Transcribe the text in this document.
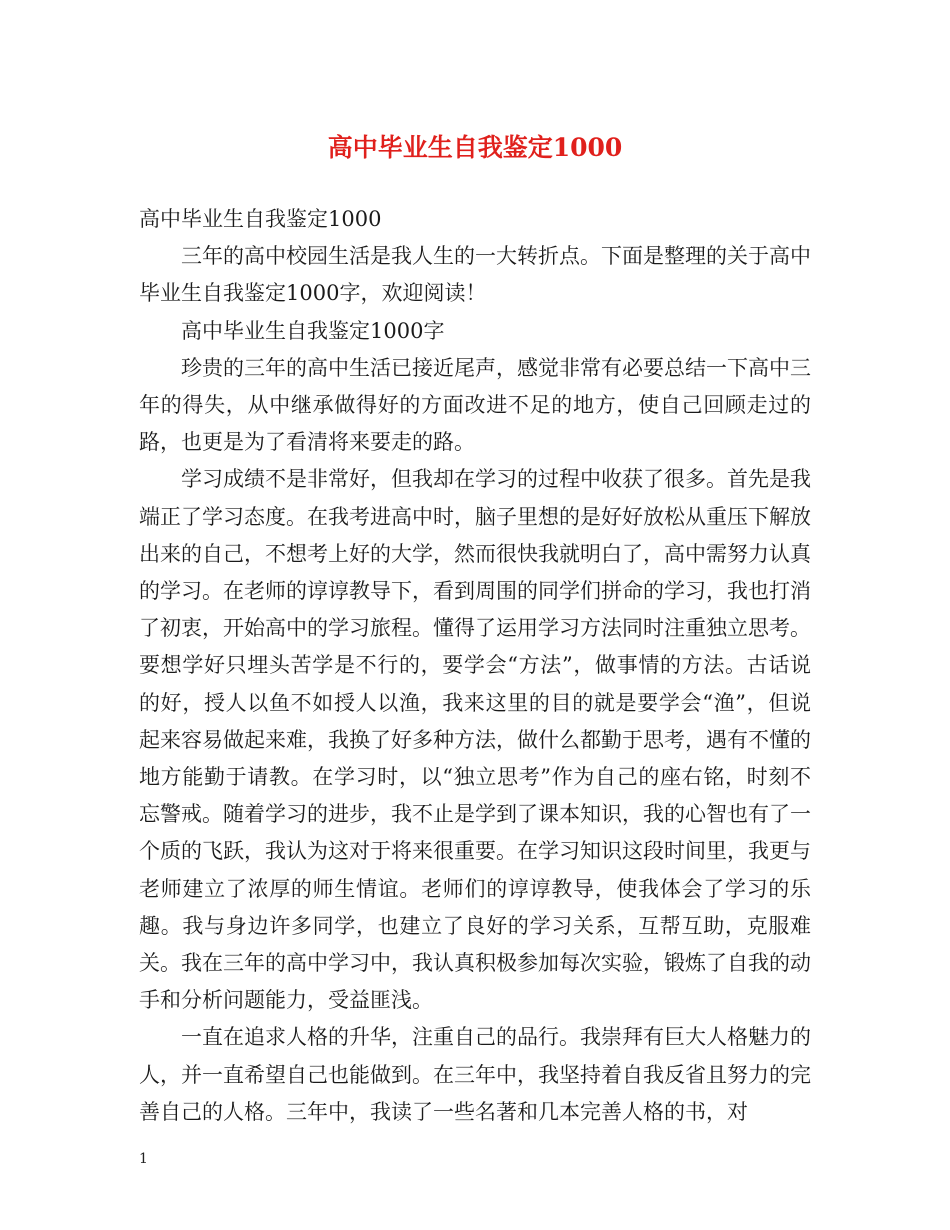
高中毕业生自我鉴定1000

高中毕业生自我鉴定1000

三年的高中校园生活是我人生的一大转折点。下面是整理的关于高中毕业生自我鉴定1000字，欢迎阅读！

高中毕业生自我鉴定1000字

珍贵的三年的高中生活已接近尾声，感觉非常有必要总结一下高中三年的得失，从中继承做得好的方面改进不足的地方，使自己回顾走过的路，也更是为了看清将来要走的路。

学习成绩不是非常好，但我却在学习的过程中收获了很多。首先是我端正了学习态度。在我考进高中时，脑子里想的是好好放松从重压下解放出来的自己，不想考上好的大学，然而很快我就明白了，高中需努力认真的学习。在老师的谆谆教导下，看到周围的同学们拼命的学习，我也打消了初衷，开始高中的学习旅程。懂得了运用学习方法同时注重独立思考。要想学好只埋头苦学是不行的，要学会“方法”，做事情的方法。古话说的好，授人以鱼不如授人以渔，我来这里的目的就是要学会“渔”，但说起来容易做起来难，我换了好多种方法，做什么都勤于思考，遇有不懂的地方能勤于请教。在学习时，以“独立思考”作为自己的座右铭，时刻不忘警戒。随着学习的进步，我不止是学到了课本知识，我的心智也有了一个质的飞跃，我认为这对于将来很重要。在学习知识这段时间里，我更与老师建立了浓厚的师生情谊。老师们的谆谆教导，使我体会了学习的乐趣。我与身边许多同学，也建立了良好的学习关系，互帮互助，克服难关。我在三年的高中学习中，我认真积极参加每次实验，锻炼了自我的动手和分析问题能力，受益匪浅。

一直在追求人格的升华，注重自己的品行。我崇拜有巨大人格魅力的人，并一直希望自己也能做到。在三年中，我坚持着自我反省且努力的完善自己的人格。三年中，我读了一些名著和几本完善人格的书，对

1
